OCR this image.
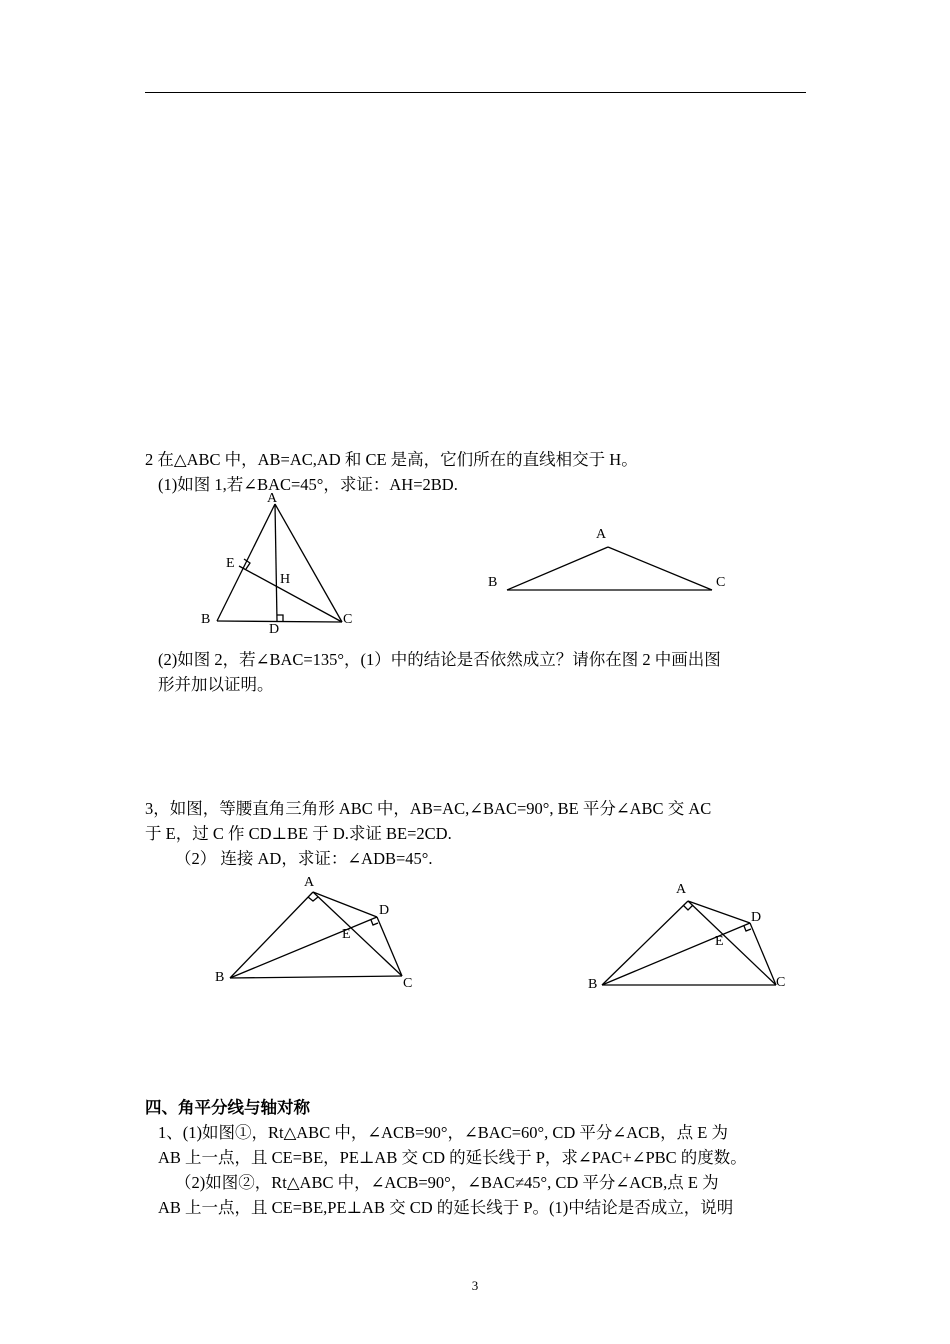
2 在△ABC 中，AB=AC,AD 和 CE 是高，它们所在的直线相交于 H。
(1)如图 1,若∠BAC=45°，求证：AH=2BD.
A
B	C
D
E
H
A
B	C
(2)如图 2，若∠BAC=135°，(1）中的结论是否依然成立？请你在图 2 中画出图
形并加以证明。
3，如图，等腰直角三角形 ABC 中，AB=AC,∠BAC=90°, BE 平分∠ABC 交 AC
于 E，过 C 作 CD⊥BE 于 D.求证 BE=2CD.
（2） 连接 AD，求证：∠ADB=45°.
A
B	C
D
E
A
B	C
D
E
四、角平分线与轴对称
1、(1)如图①，Rt△ABC 中，∠ACB=90°，∠BAC=60°, CD 平分∠ACB，点 E 为
AB 上一点，且 CE=BE，PE⊥AB 交 CD 的延长线于 P，求∠PAC+∠PBC 的度数。
（2)如图②，Rt△ABC 中，∠ACB=90°，∠BAC≠45°, CD 平分∠ACB,点 E 为
AB 上一点，且 CE=BE,PE⊥AB 交 CD 的延长线于 P。(1)中结论是否成立，说明
3
